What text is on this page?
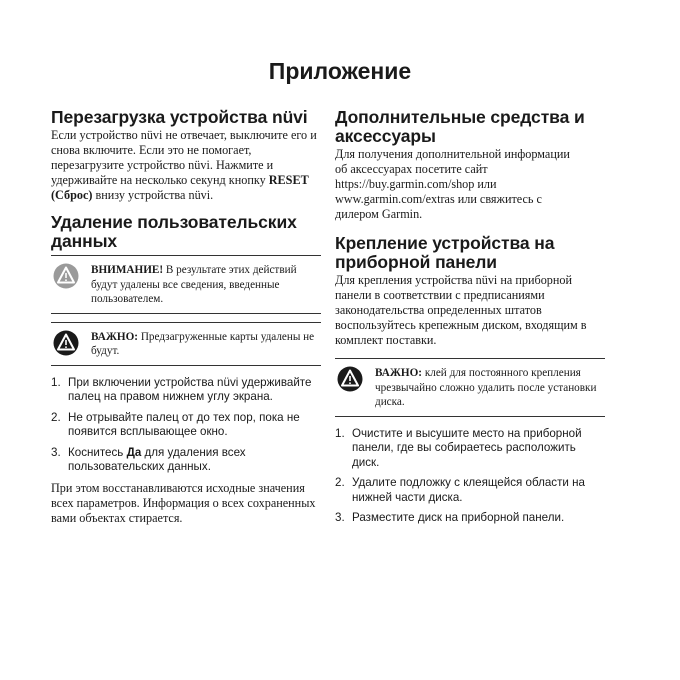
Приложение
Перезагрузка устройства nüvi

Если устройство nüvi не отвечает, выключите его и снова включите. Если это не помогает, перезагрузите устройство nüvi. Нажмите и удерживайте на несколько секунд кнопку RESET (Сброс) внизу устройства nüvi.

Удаление пользовательских данных

ВНИМАНИЕ! В результате этих действий будут удалены все сведения, введенные пользователем.

ВАЖНО: Предзагруженные карты удалены не будут.

1. При включении устройства nüvi удерживайте палец на правом нижнем углу экрана.
2. Не отрывайте палец от до тех пор, пока не появится всплывающее окно.
3. Коснитесь Да для удаления всех пользовательских данных.

При этом восстанавливаются исходные значения всех параметров. Информация о всех сохраненных вами объектах стирается.

Дополнительные средства и аксессуары

Для получения дополнительной информации об аксессуарах посетите сайт https://buy.garmin.com/shop или www.garmin.com/extras или свяжитесь с дилером Garmin.

Крепление устройства на приборной панели

Для крепления устройства nüvi на приборной панели в соответствии с предписаниями законодательства определенных штатов воспользуйтесь крепежным диском, входящим в комплект поставки.

ВАЖНО: клей для постоянного крепления чрезвычайно сложно удалить после установки диска.

1. Очистите и высушите место на приборной панели, где вы собираетесь расположить диск.
2. Удалите подложку с клеящейся области на нижней части диска.
3. Разместите диск на приборной панели.
